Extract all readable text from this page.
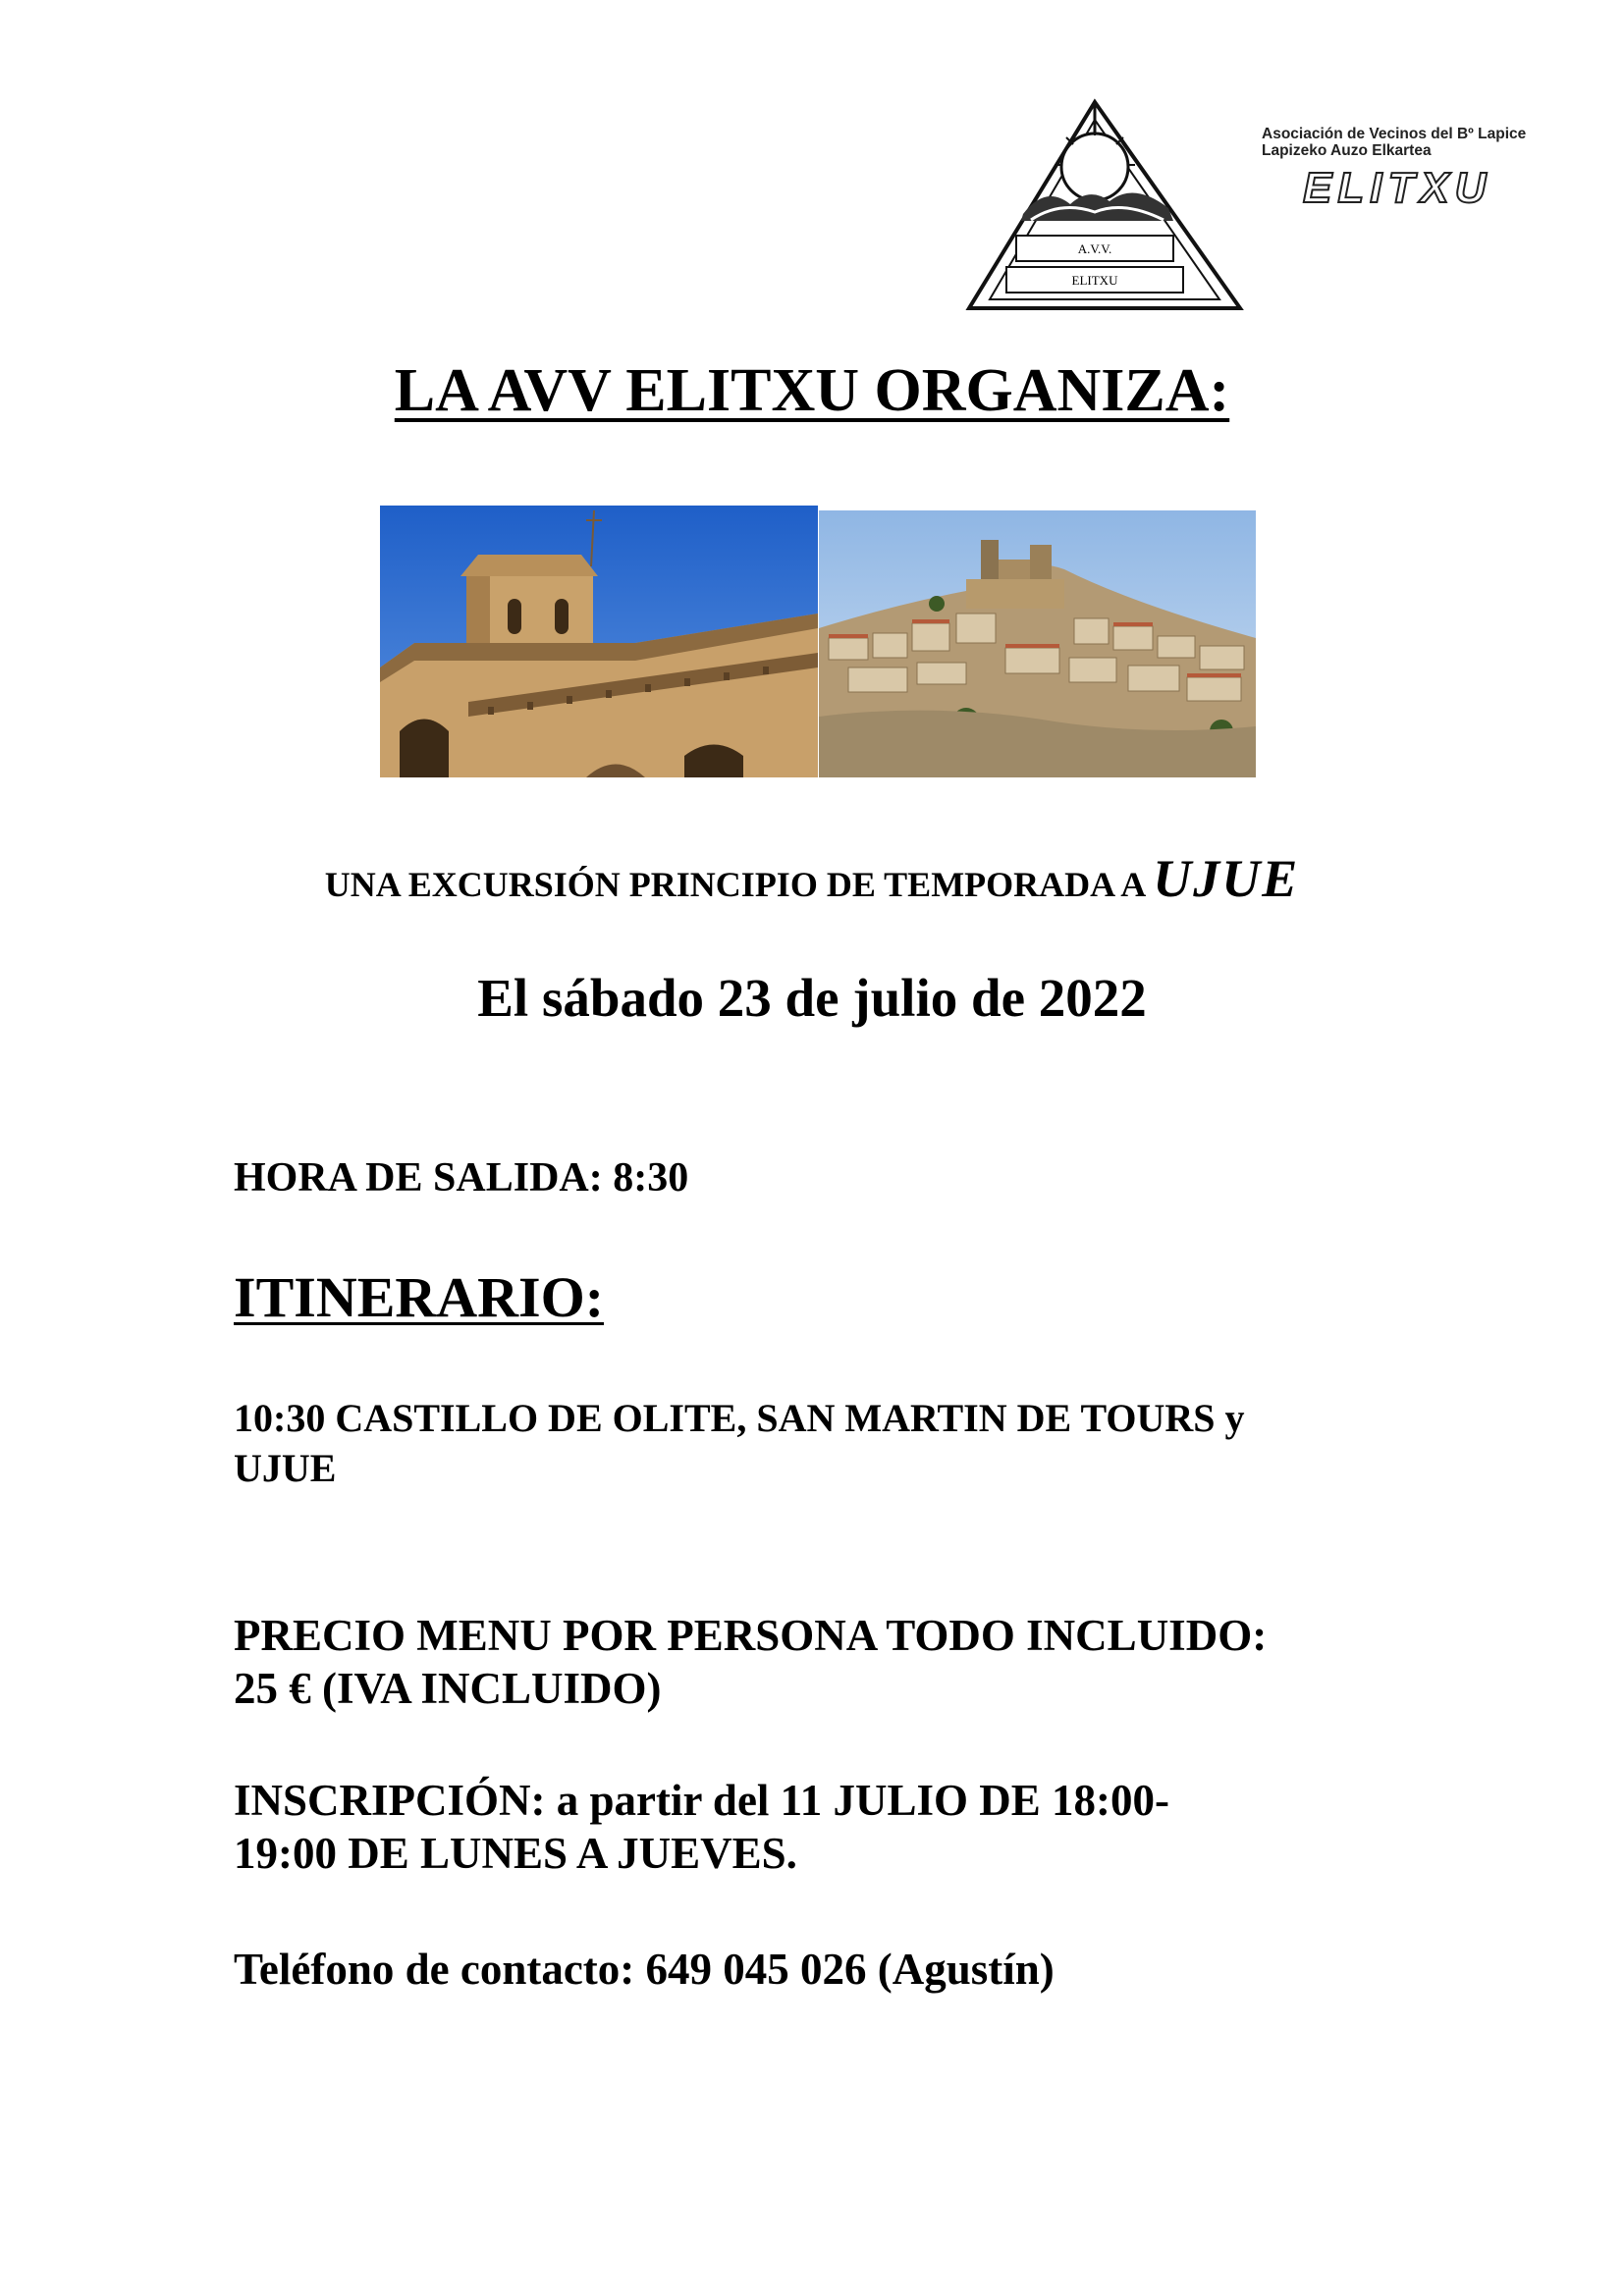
A.V.V.
ELITXU
Asociación de Vecinos del Bº Lapice
Lapizeko Auzo Elkartea
ELITXU
LA AVV ELITXU ORGANIZA:
UNA EXCURSIÓN PRINCIPIO DE TEMPORADA A UJUE
El sábado 23 de julio de 2022
HORA DE SALIDA: 8:30
ITINERARIO:
10:30 CASTILLO DE OLITE, SAN MARTIN DE TOURS y
UJUE
PRECIO MENU POR PERSONA TODO INCLUIDO:
25 € (IVA INCLUIDO)
INSCRIPCIÓN: a partir del 11 JULIO DE 18:00-
19:00 DE LUNES A JUEVES.
Teléfono de contacto: 649 045 026 (Agustín)
